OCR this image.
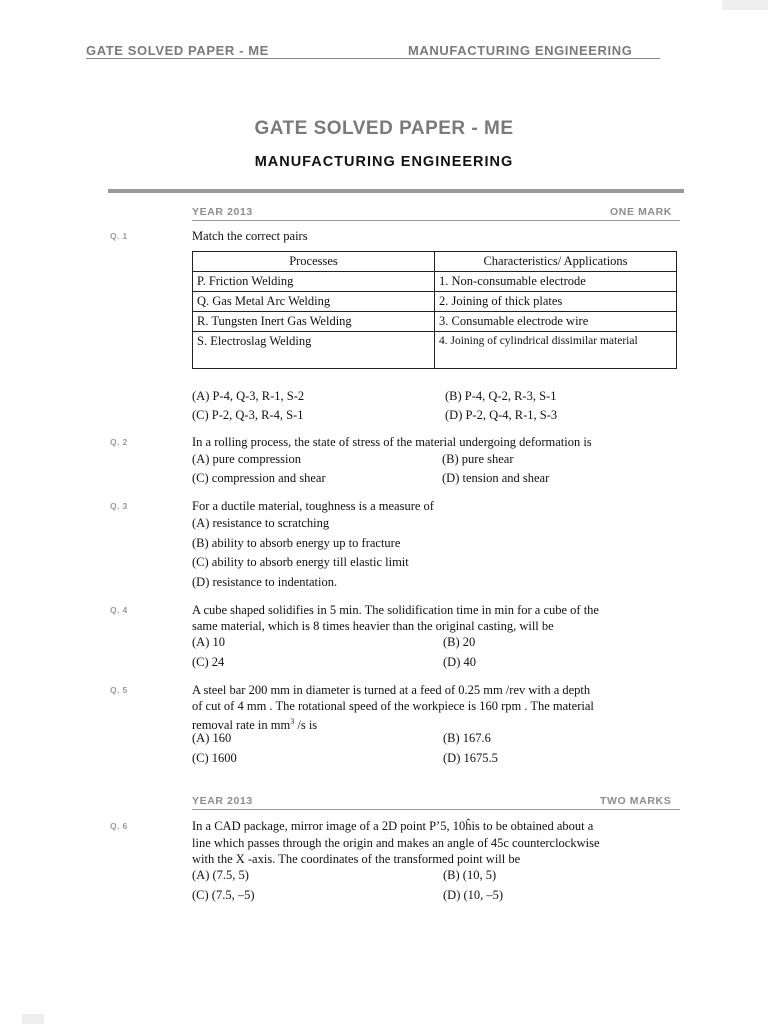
GATE SOLVED PAPER - ME	MANUFACTURING ENGINEERING
GATE SOLVED PAPER - ME
MANUFACTURING ENGINEERING
YEAR 2013	ONE MARK
Q. 1	Match the correct pairs
Processes	Characteristics/ Applications
P. Friction Welding	1. Non-consumable electrode
Q. Gas Metal Arc Welding	2. Joining of thick plates
R. Tungsten Inert Gas Welding	3. Consumable electrode wire
S. Electroslag Welding	4. Joining of cylindrical dissimilar material
(A) P-4, Q-3, R-1, S-2	(B) P-4, Q-2, R-3, S-1
(C) P-2, Q-3, R-4, S-1	(D) P-2, Q-4, R-1, S-3
Q. 2	In a rolling process, the state of stress of the material undergoing deformation is
(A) pure compression	(B) pure shear
(C) compression and shear	(D) tension and shear
Q. 3	For a ductile material, toughness is a measure of
(A) resistance to scratching
(B) ability to absorb energy up to fracture
(C) ability to absorb energy till elastic limit
(D) resistance to indentation.
Q. 4	A cube shaped solidifies in 5 min. The solidification time in min for a cube of the
same material, which is 8 times heavier than the original casting, will be
(A) 10	(B) 20
(C) 24	(D) 40
Q. 5	A steel bar 200 mm in diameter is turned at a feed of 0.25 mm /rev with a depth
of cut of 4 mm . The rotational speed of the workpiece is 160 rpm . The material
removal rate in $mm^3$ /s is
(A) 160	(B) 167.6
(C) 1600	(D) 1675.5
YEAR 2013	TWO MARKS
Q. 6	In a CAD package, mirror image of a 2D point P’5, 10ĥis to be obtained about a
line which passes through the origin and makes an angle of 45c counterclockwise
with the X -axis. The coordinates of the transformed point will be
(A) (7.5, 5)	(B) (10, 5)
(C) (7.5, –5)	(D) (10, –5)
